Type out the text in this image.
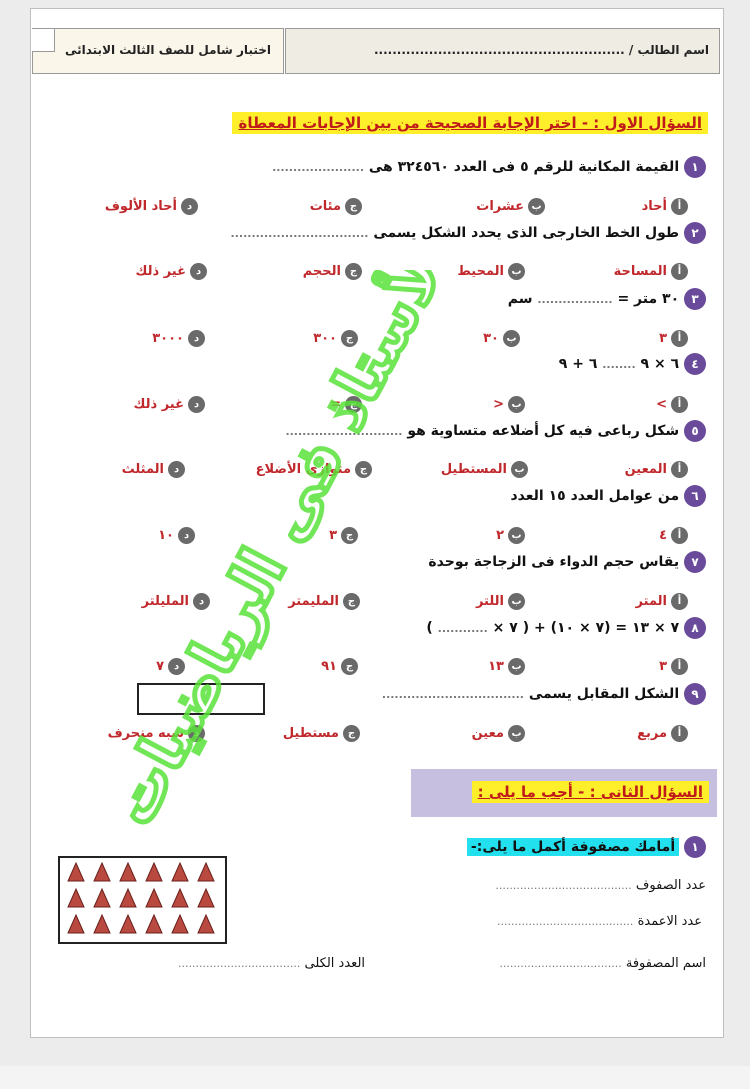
اسم الطالب / .......................................................
اختبار شامل للصف الثالث الابتدائى
السؤال الاول : - اختر الإجابة الصحيحة من بين الإجابات المعطاة
١ القيمة المكانية للرقم ٥ فى العدد ٣٢٤٥٦٠ هى ......................
أ
أحاد
ب
عشرات
ج
مئات
د
أحاد الألوف
٢ طول الخط الخارجى الذى يحدد الشكل يسمى .................................
أ
المساحة
ب
المحيط
ج
الحجم
د
غير ذلك
٣ ٣٠ متر = .................. سم
أ
٣
ب
٣٠
ج
٣٠٠
د
٣٠٠٠
٤ ٦ × ٩ ........ ٦ + ٩
أ
>
ب
<
ج
=
د
غير ذلك
٥ شكل رباعى فيه كل أضلاعه متساوية هو ............................
أ
المعين
ب
المستطيل
ج
متوازى الأضلاع
د
المثلث
٦ من عوامل العدد ١٥ العدد
أ
٤
ب
٢
ج
٣
د
١٠
٧ يقاس حجم الدواء فى الزجاجة بوحدة
أ
المتر
ب
اللتر
ج
المليمتر
د
المليلتر
٨ ٧ × ١٣ = (٧ × ١٠) + ( ٧ × ............ )
أ
٣
ب
١٣
ج
٩١
د
٧
٩ الشكل المقابل يسمى ..................................
أ
مربع
ب
معين
ج
مستطيل
د
شبه منحرف
السؤال الثانى : - أجب ما يلى :
١ أمامك مصفوفة أكمل ما يلى:-
عدد الصفوف .......................................
عدد الاعمدة .......................................
اسم المصفوفة ...................................
العدد الكلى ...................................
الأستاذ فى الرياضيات
